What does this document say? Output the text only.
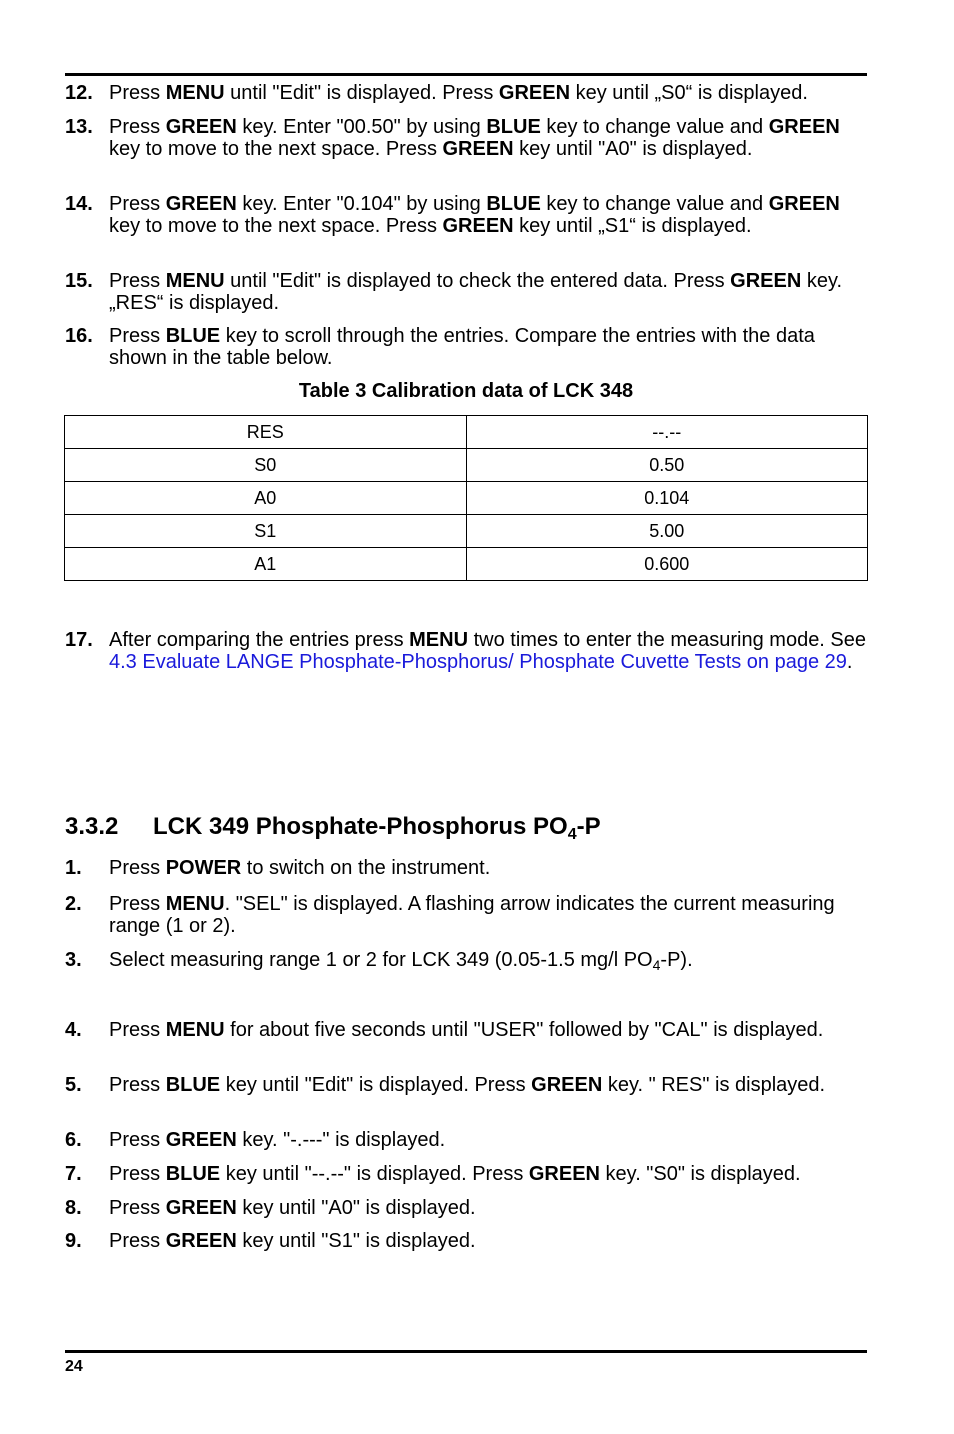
12. Press MENU until "Edit" is displayed. Press GREEN key until „S0“ is displayed.
13. Press GREEN key. Enter "00.50" by using BLUE key to change value and GREEN key to move to the next space. Press GREEN key until "A0" is displayed.
14. Press GREEN key. Enter "0.104" by using BLUE key to change value and GREEN key to move to the next space. Press GREEN key until „S1“ is displayed.
15. Press MENU until "Edit" is displayed to check the entered data. Press GREEN key. „RES“ is displayed.
16. Press BLUE key to scroll through the entries. Compare the entries with the data shown in the table below.
Table 3 Calibration data of LCK 348
RES	--.--
S0	0.50
A0	0.104
S1	5.00
A1	0.600
17. After comparing the entries press MENU two times to enter the measuring mode. See 4.3 Evaluate LANGE Phosphate-Phosphorus/ Phosphate Cuvette Tests on page 29.
3.3.2 LCK 349 Phosphate-Phosphorus $PO_4-P$
1. Press POWER to switch on the instrument.
2. Press MENU. "SEL" is displayed. A flashing arrow indicates the current measuring range (1 or 2).
3. Select measuring range 1 or 2 for LCK 349 (0.05-1.5 mg/l $PO_4-P$).
4. Press MENU for about five seconds until "USER" followed by "CAL" is displayed.
5. Press BLUE key until "Edit" is displayed. Press GREEN key. " RES" is displayed.
6. Press GREEN key. "-.---" is displayed.
7. Press BLUE key until "--.--" is displayed. Press GREEN key. "S0" is displayed.
8. Press GREEN key until "A0" is displayed.
9. Press GREEN key until "S1" is displayed.
24
